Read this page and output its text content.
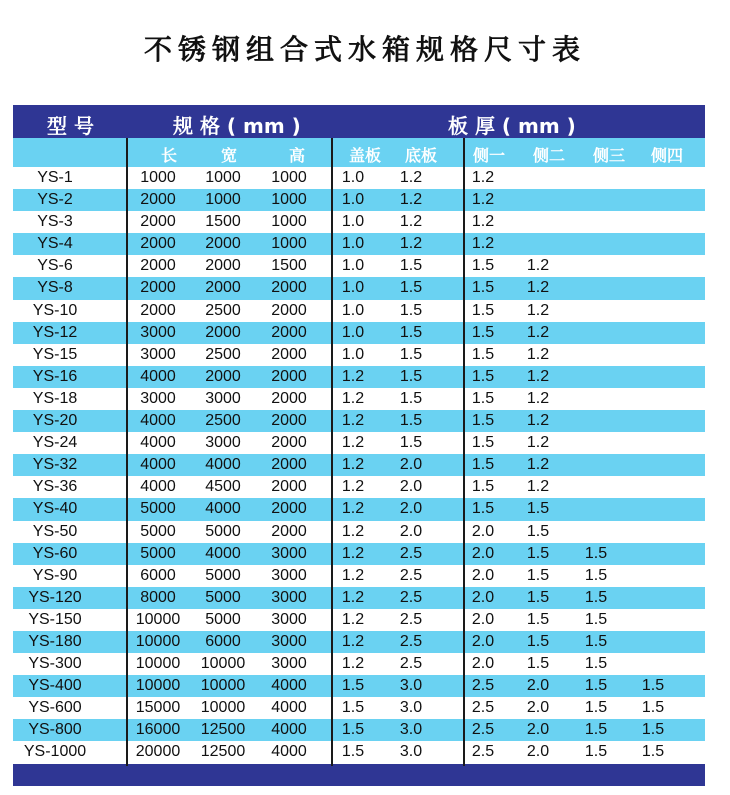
不锈钢组合式水箱规格尺寸表
型 号	规 格 ( mm )	板 厚 ( mm )
长	宽	高	盖板 底板 侧一 侧二 侧三 侧四
YS-1	1000 1000 1000 1.0 1.2	1.2
YS-2	2000 1000 1000 1.0 1.2	1.2
YS-3	2000 1500 1000 1.0 1.2	1.2
YS-4	2000 2000 1000 1.0 1.2	1.2
YS-6	2000 2000 1500 1.0 1.5	1.5 1.2
YS-8	2000 2000 2000 1.0 1.5	1.5 1.2
YS-10	2000 2500 2000 1.0 1.5	1.5 1.2
YS-12	3000 2000 2000 1.0 1.5	1.5 1.2
YS-15	3000 2500 2000 1.0 1.5	1.5 1.2
YS-16	4000 2000 2000 1.2 1.5	1.5 1.2
YS-18	3000 3000 2000 1.2 1.5	1.5 1.2
YS-20	4000 2500 2000 1.2 1.5	1.5 1.2
YS-24	4000 3000 2000 1.2 1.5	1.5 1.2
YS-32	4000 4000 2000 1.2 2.0	1.5 1.2
YS-36	4000 4500 2000 1.2 2.0	1.5 1.2
YS-40	5000 4000 2000 1.2 2.0	1.5 1.5
YS-50	5000 5000 2000 1.2 2.0	2.0 1.5
YS-60	5000 4000 3000 1.2 2.5	2.0 1.5 1.5
YS-90	6000 5000 3000 1.2 2.5	2.0 1.5 1.5
YS-120	8000 5000 3000 1.2 2.5	2.0 1.5 1.5
YS-150	10000 5000 3000 1.2 2.5	2.0 1.5 1.5
YS-180	10000 6000 3000 1.2 2.5	2.0 1.5 1.5
YS-300	10000 10000 3000 1.2 2.5	2.0 1.5 1.5
YS-400	10000 10000 4000 1.5 3.0	2.5 2.0 1.5 1.5
YS-600	15000 10000 4000 1.5 3.0	2.5 2.0 1.5 1.5
YS-800	16000 12500 4000 1.5 3.0	2.5 2.0 1.5 1.5
YS-1000	20000 12500 4000 1.5 3.0	2.5 2.0 1.5 1.5
